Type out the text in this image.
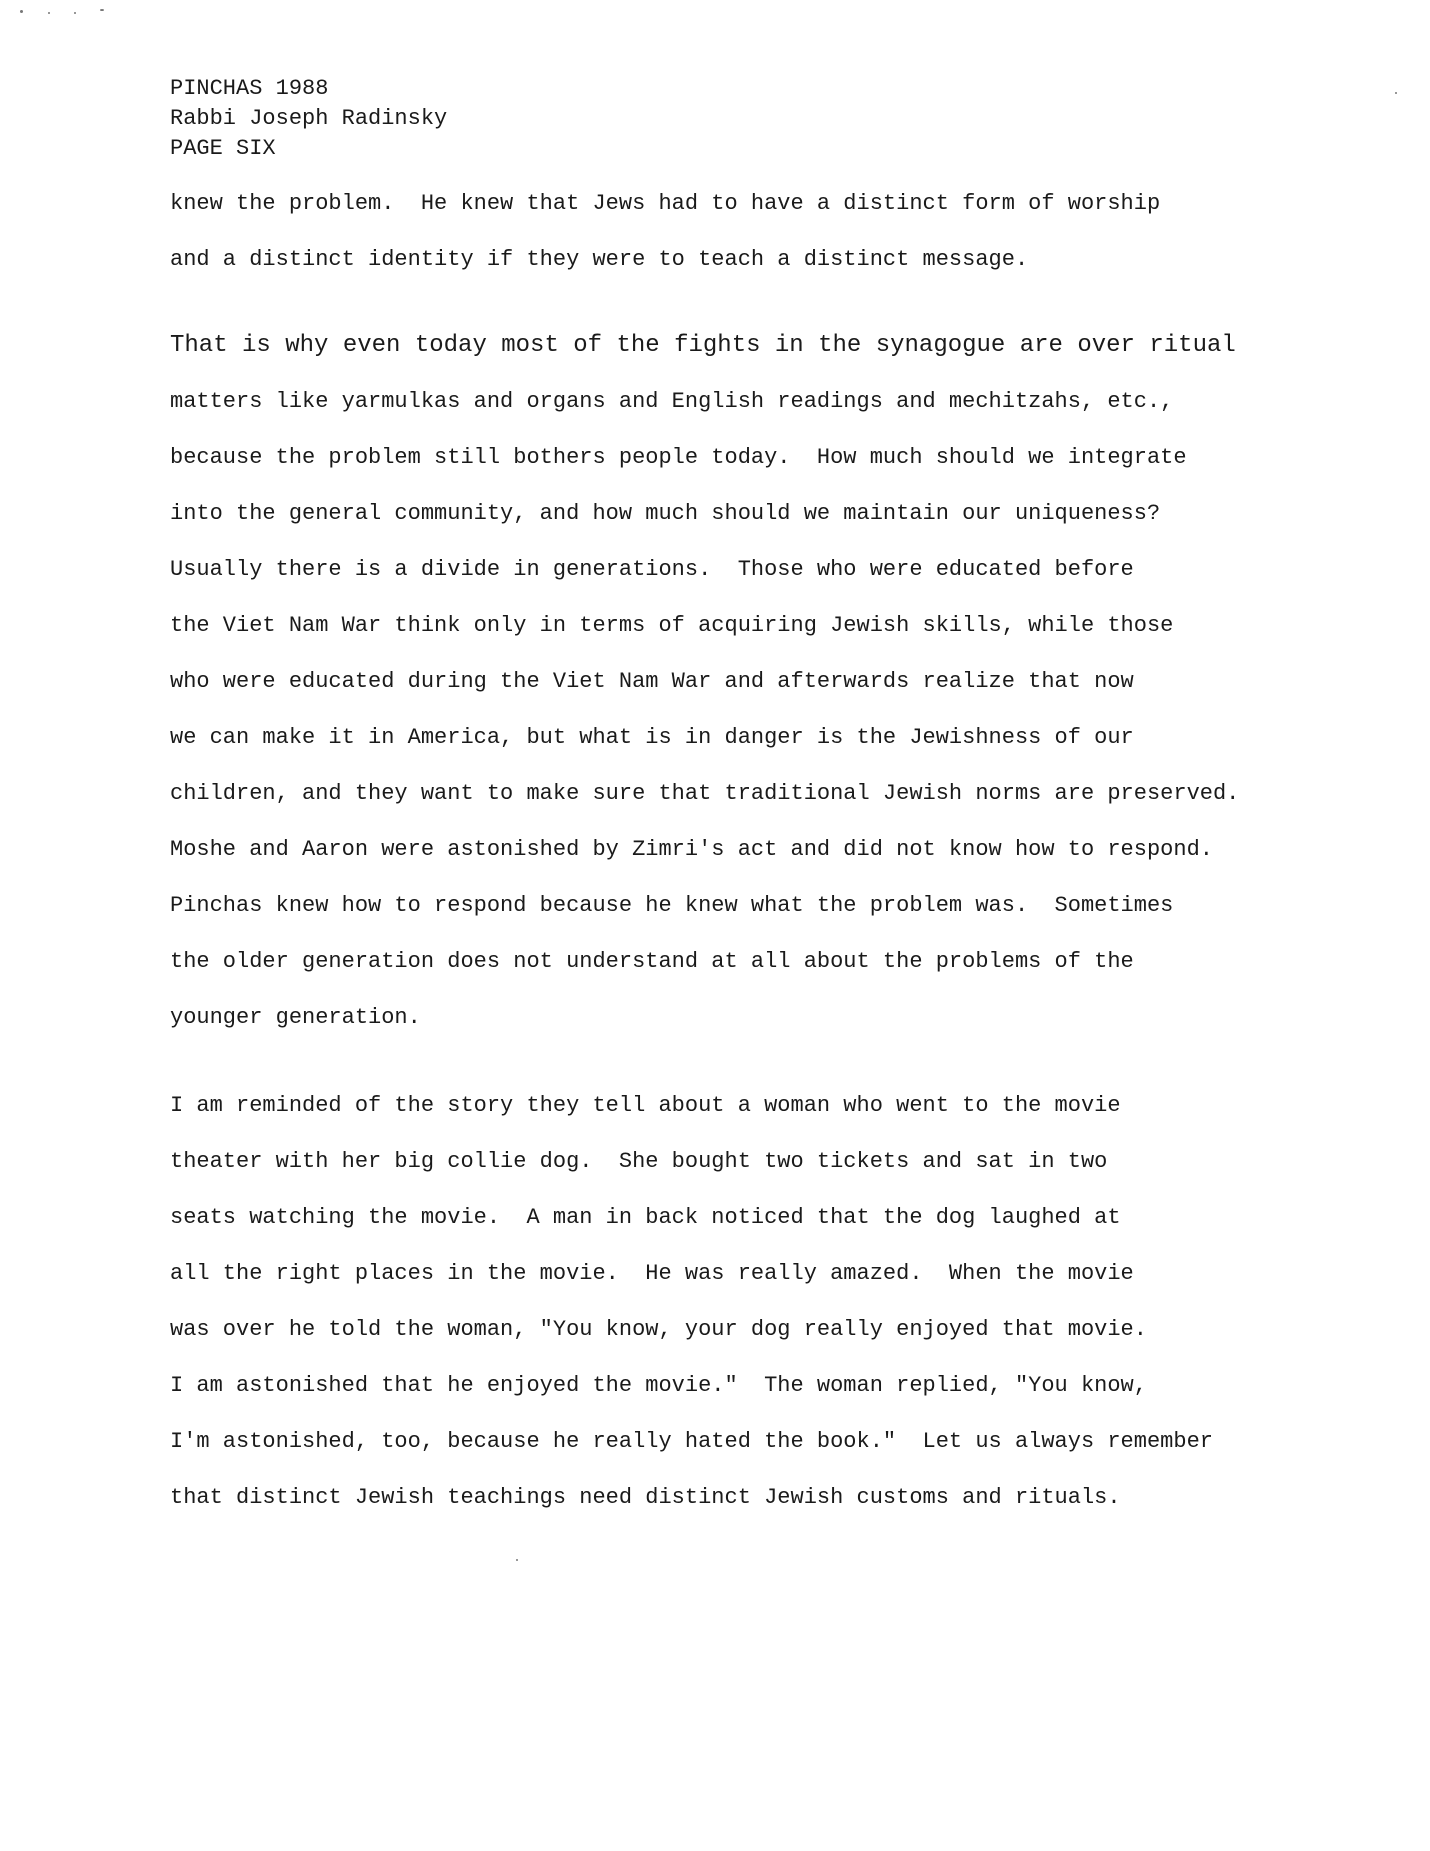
PINCHAS 1988
Rabbi Joseph Radinsky
PAGE SIX
knew the problem.  He knew that Jews had to have a distinct form of worship
and a distinct identity if they were to teach a distinct message.
That is why even today most of the fights in the synagogue are over ritual
matters like yarmulkas and organs and English readings and mechitzahs, etc.,
because the problem still bothers people today.  How much should we integrate
into the general community, and how much should we maintain our uniqueness?
Usually there is a divide in generations.  Those who were educated before
the Viet Nam War think only in terms of acquiring Jewish skills, while those
who were educated during the Viet Nam War and afterwards realize that now
we can make it in America, but what is in danger is the Jewishness of our
children, and they want to make sure that traditional Jewish norms are preserved.
Moshe and Aaron were astonished by Zimri's act and did not know how to respond.
Pinchas knew how to respond because he knew what the problem was.  Sometimes
the older generation does not understand at all about the problems of the
younger generation.
I am reminded of the story they tell about a woman who went to the movie
theater with her big collie dog.  She bought two tickets and sat in two
seats watching the movie.  A man in back noticed that the dog laughed at
all the right places in the movie.  He was really amazed.  When the movie
was over he told the woman, "You know, your dog really enjoyed that movie.
I am astonished that he enjoyed the movie."  The woman replied, "You know,
I'm astonished, too, because he really hated the book."  Let us always remember
that distinct Jewish teachings need distinct Jewish customs and rituals.
